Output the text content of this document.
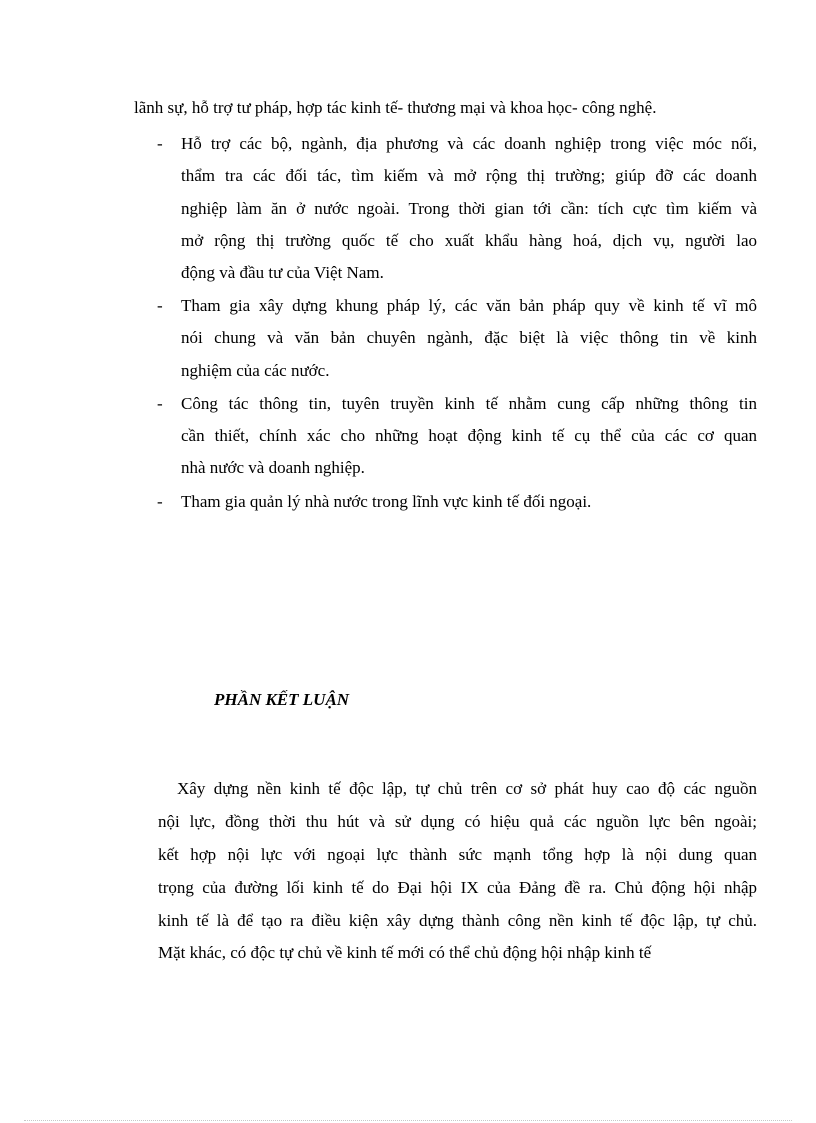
lãnh sự, hỗ trợ tư pháp, hợp tác kinh tế- thương mại và khoa học- công nghệ.
- Hỗ trợ các bộ, ngành, địa phương và các doanh nghiệp trong việc móc nối,
thẩm tra các đối tác, tìm kiếm và mở rộng thị trường; giúp đỡ các doanh
nghiệp làm ăn ở nước ngoài. Trong thời gian tới cần: tích cực tìm kiếm và
mở rộng thị trường quốc tế cho xuất khẩu hàng hoá, dịch vụ, người lao
động và đầu tư của Việt Nam.
- Tham gia xây dựng khung pháp lý, các văn bản pháp quy về kinh tế vĩ mô
nói chung và văn bản chuyên ngành, đặc biệt là việc thông tin về kinh
nghiệm của các nước.
- Công tác thông tin, tuyên truyền kinh tế nhằm cung cấp những thông tin
cần thiết, chính xác cho những hoạt động kinh tế cụ thể của các cơ quan
nhà nước và doanh nghiệp.
- Tham gia quản lý nhà nước trong lĩnh vực kinh tế đối ngoại.
PHẦN KẾT LUẬN
Xây dựng nền kinh tế độc lập, tự chủ trên cơ sở phát huy cao độ các nguồn
nội lực, đồng thời thu hút và sử dụng có hiệu quả các nguồn lực bên ngoài;
kết hợp nội lực với ngoại lực thành sức mạnh tổng hợp là nội dung quan
trọng của đường lối kinh tế do Đại hội IX của Đảng đề ra. Chủ động hội nhập
kinh tế là để tạo ra điều kiện xây dựng thành công nền kinh tế độc lập, tự chủ.
Mặt khác, có độc tự chủ về kinh tế mới có thể chủ động hội nhập kinh tế
